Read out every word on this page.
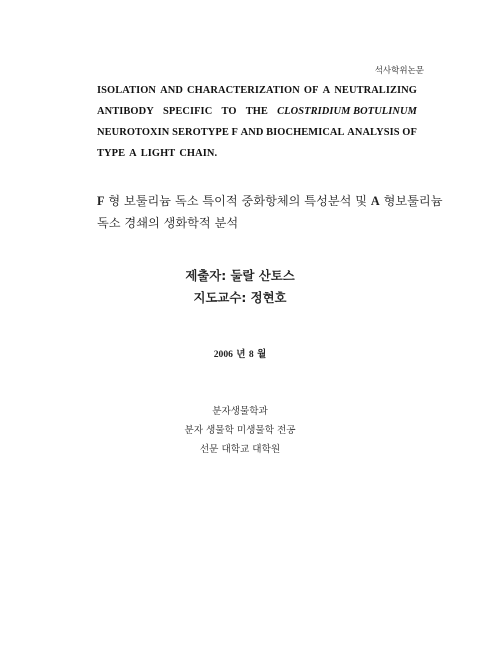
석사학위논문
ISOLATION AND CHARACTERIZATION OF A NEUTRALIZING
ANTIBODY SPECIFIC TO THE CLOSTRIDIUM BOTULINUM
NEUROTOXIN SEROTYPE F AND BIOCHEMICAL ANALYSIS OF
TYPE A LIGHT CHAIN.
F 형 보툴리늄 독소 특이적 중화항체의 특성분석 및 A 형보툴리늄
독소 경쇄의 생화학적 분석
제출자: 둘랄 산토스
지도교수: 정현호
2006 년 8 월
분자생물학과
분자 생물학 미생물학 전공
선문 대학교 대학원
